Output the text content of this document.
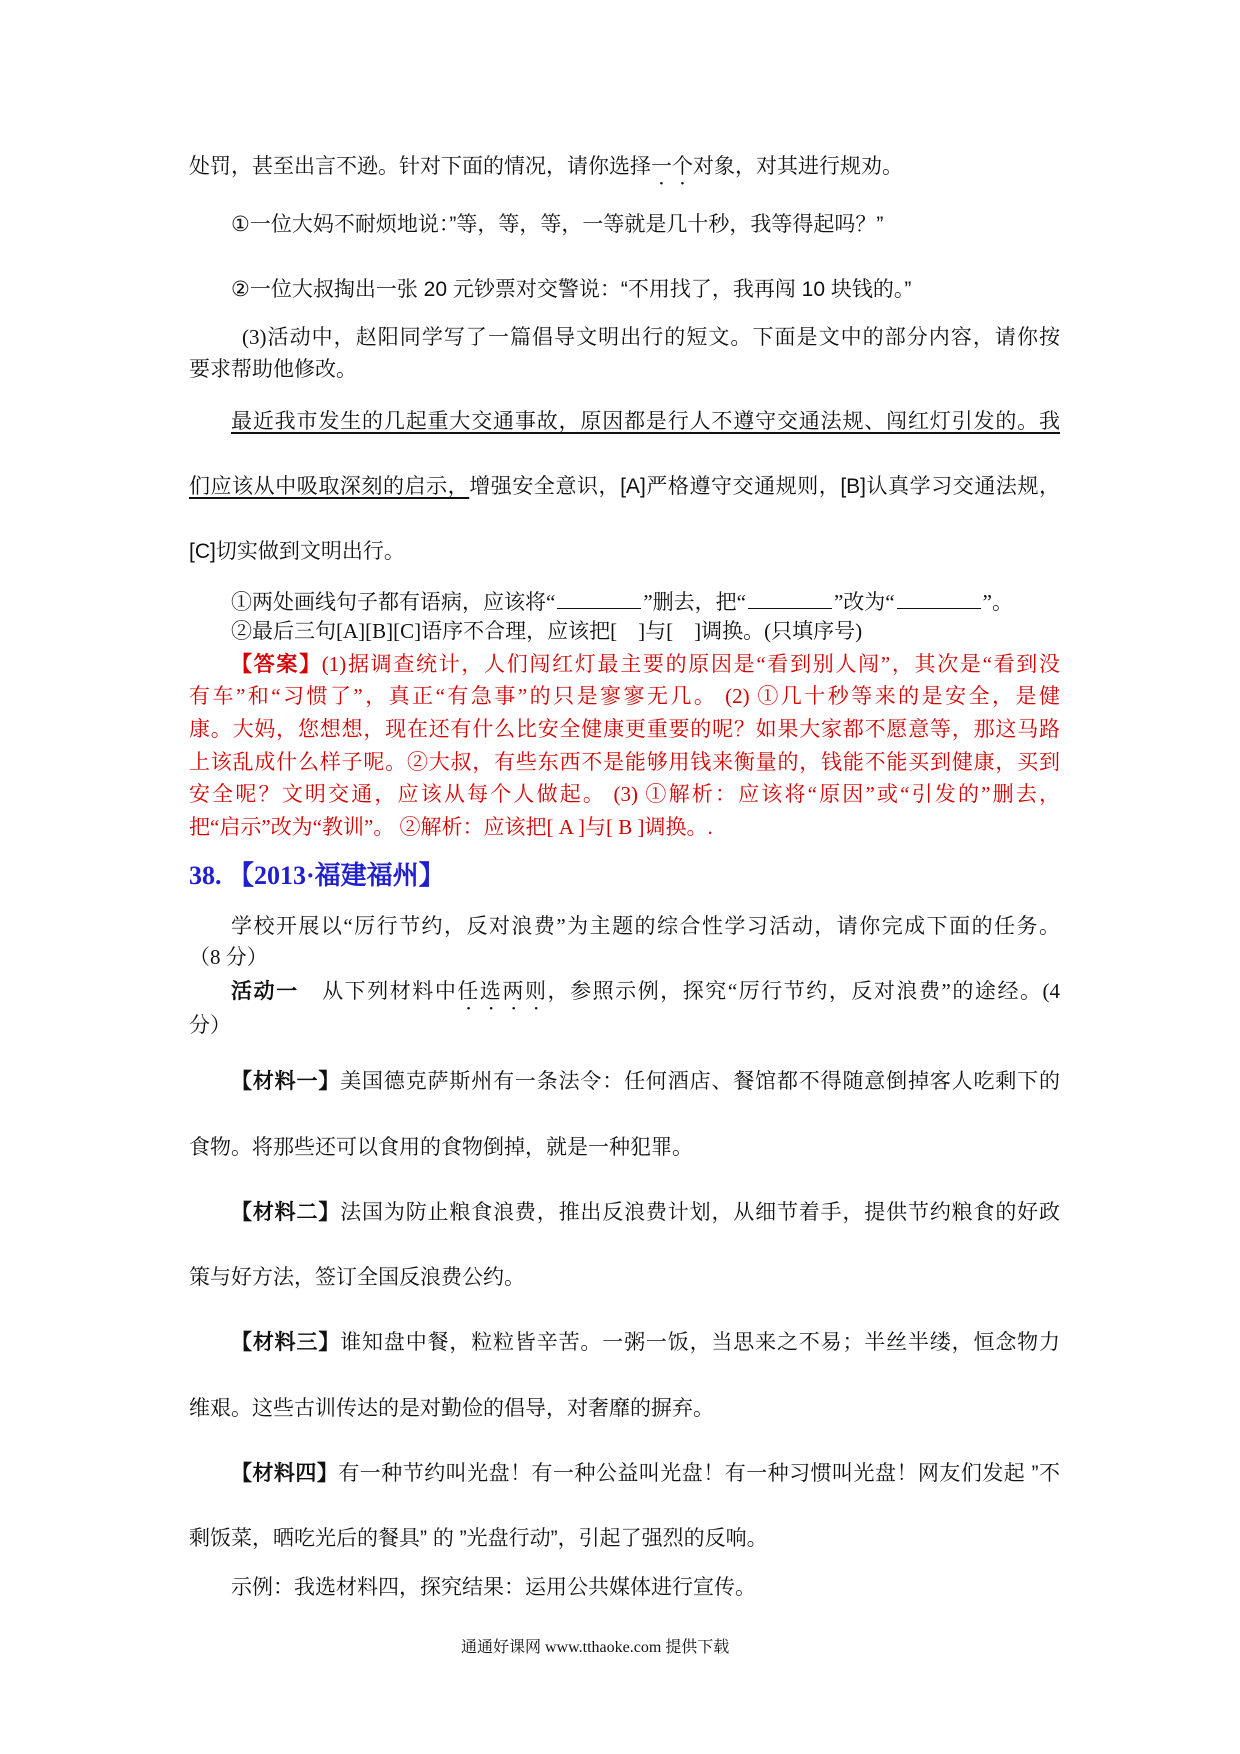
处罚，甚至出言不逊。针对下面的情况，请你选择一个对象，对其进行规劝。
①一位大妈不耐烦地说：”等，等，等，一等就是几十秒，我等得起吗？”
②一位大叔掏出一张 20 元钞票对交警说：“不用找了，我再闯 10 块钱的。”
(3)活动中，赵阳同学写了一篇倡导文明出行的短文。下面是文中的部分内容，请你按
要求帮助他修改。
最近我市发生的几起重大交通事故，原因都是行人不遵守交通法规、闯红灯引发的。我
们应该从中吸取深刻的启示，增强安全意识，[A]严格遵守交通规则，[B]认真学习交通法规，
[C]切实做到文明出行。
①两处画线句子都有语病，应该将“	”删去，把“	”改为“	”。
②最后三句[A][B][C]语序不合理，应该把[    ]与[    ]调换。(只填序号)
【答案】(1)据调查统计，人们闯红灯最主要的原因是“看到别人闯”，其次是“看到没
有车”和“习惯了”，真正“有急事”的只是寥寥无几。 (2) ①几十秒等来的是安全，是健
康。大妈，您想想，现在还有什么比安全健康更重要的呢？如果大家都不愿意等，那这马路
上该乱成什么样子呢。②大叔，有些东西不是能够用钱来衡量的，钱能不能买到健康，买到
安全呢？文明交通，应该从每个人做起。 (3) ①解析：应该将“原因”或“引发的”删去，
把“启示”改为“教训”。 ②解析：应该把[ A ]与[ B ]调换。.
38. 【2013·福建福州】
学校开展以“厉行节约，反对浪费”为主题的综合性学习活动，请你完成下面的任务。
（8 分）
活动一 从下列材料中任选两则，参照示例，探究“厉行节约，反对浪费”的途经。(4
分）
【材料一】美国德克萨斯州有一条法令：任何酒店、餐馆都不得随意倒掉客人吃剩下的
食物。将那些还可以食用的食物倒掉，就是一种犯罪。
【材料二】法国为防止粮食浪费，推出反浪费计划，从细节着手，提供节约粮食的好政
策与好方法，签订全国反浪费公约。
【材料三】谁知盘中餐，粒粒皆辛苦。一粥一饭，当思来之不易；半丝半缕，恒念物力
维艰。这些古训传达的是对勤俭的倡导，对奢靡的摒弃。
【材料四】有一种节约叫光盘！有一种公益叫光盘！有一种习惯叫光盘！网友们发起 ”不
剩饭菜，晒吃光后的餐具” 的 ”光盘行动”，引起了强烈的反响。
示例：我选材料四，探究结果：运用公共媒体进行宣传。
通通好课网 www.tthaoke.com 提供下载
